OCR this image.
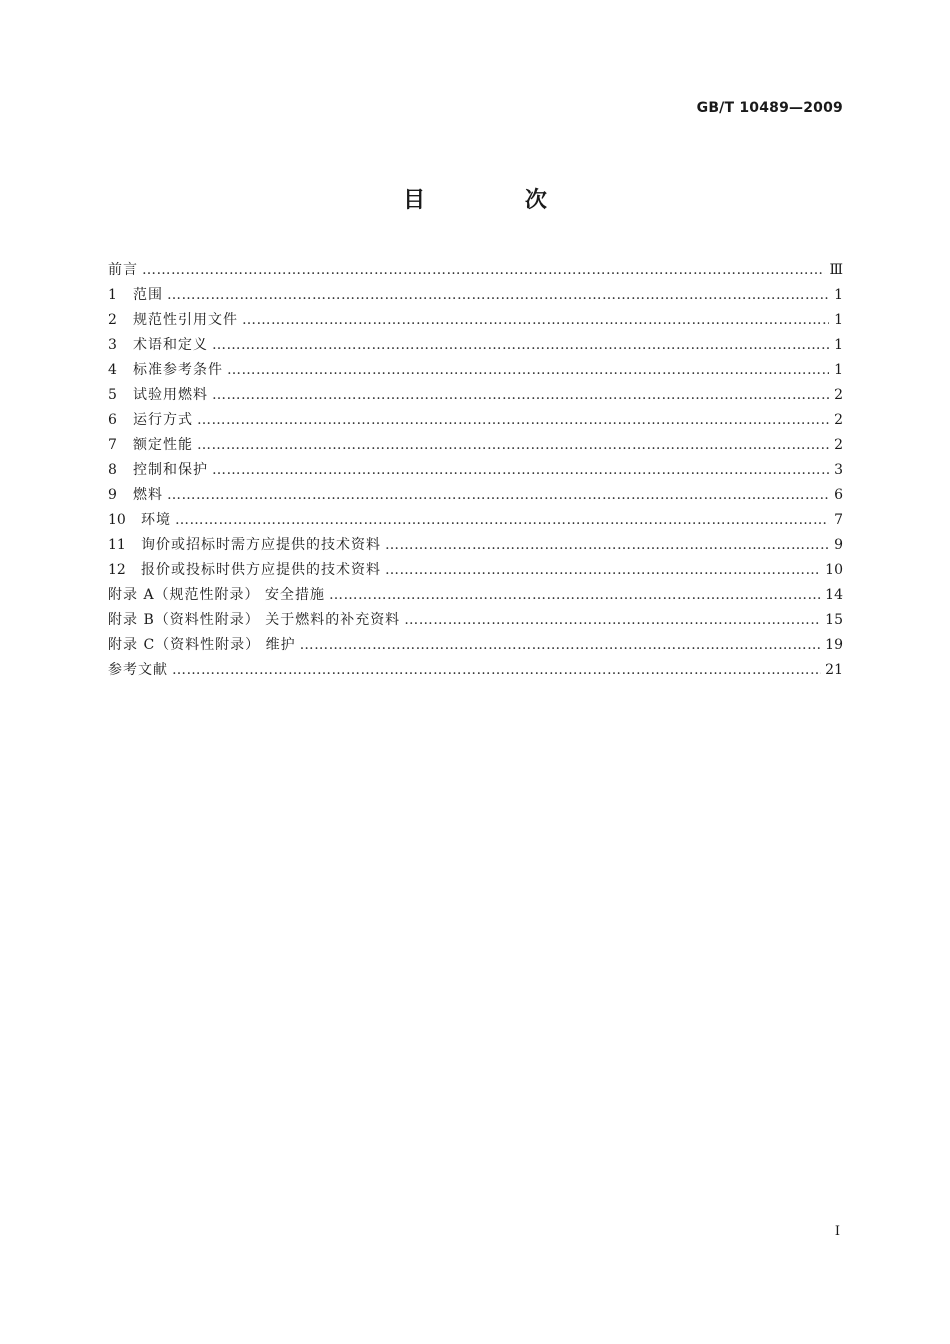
GB/T 10489—2009
目 次
前言 …………………………………………………………………………………………………………………………………………………………………………………………………………………	Ⅲ
1	范围 …………………………………………………………………………………………………………………………………………………………………………………………………………………	1
2	规范性引用文件 …………………………………………………………………………………………………………………………………………………………………………………………………………………	1
3	术语和定义 …………………………………………………………………………………………………………………………………………………………………………………………………………………	1
4	标准参考条件 …………………………………………………………………………………………………………………………………………………………………………………………………………………	1
5	试验用燃料 …………………………………………………………………………………………………………………………………………………………………………………………………………………	2
6	运行方式 …………………………………………………………………………………………………………………………………………………………………………………………………………………	2
7	额定性能 …………………………………………………………………………………………………………………………………………………………………………………………………………………	2
8	控制和保护 …………………………………………………………………………………………………………………………………………………………………………………………………………………	3
9	燃料 …………………………………………………………………………………………………………………………………………………………………………………………………………………	6
10	环境 …………………………………………………………………………………………………………………………………………………………………………………………………………………	7
11	询价或招标时需方应提供的技术资料 …………………………………………………………………………………………………………………………………………………………………………………………………………………	9
12	报价或投标时供方应提供的技术资料 …………………………………………………………………………………………………………………………………………………………………………………………………………………	10
附录 A（规范性附录） 安全措施 …………………………………………………………………………………………………………………………………………………………………………………………………………………	14
附录 B（资料性附录） 关于燃料的补充资料 …………………………………………………………………………………………………………………………………………………………………………………………………………………	15
附录 C（资料性附录） 维护 …………………………………………………………………………………………………………………………………………………………………………………………………………………	19
参考文献 …………………………………………………………………………………………………………………………………………………………………………………………………………………	21
Ⅰ
